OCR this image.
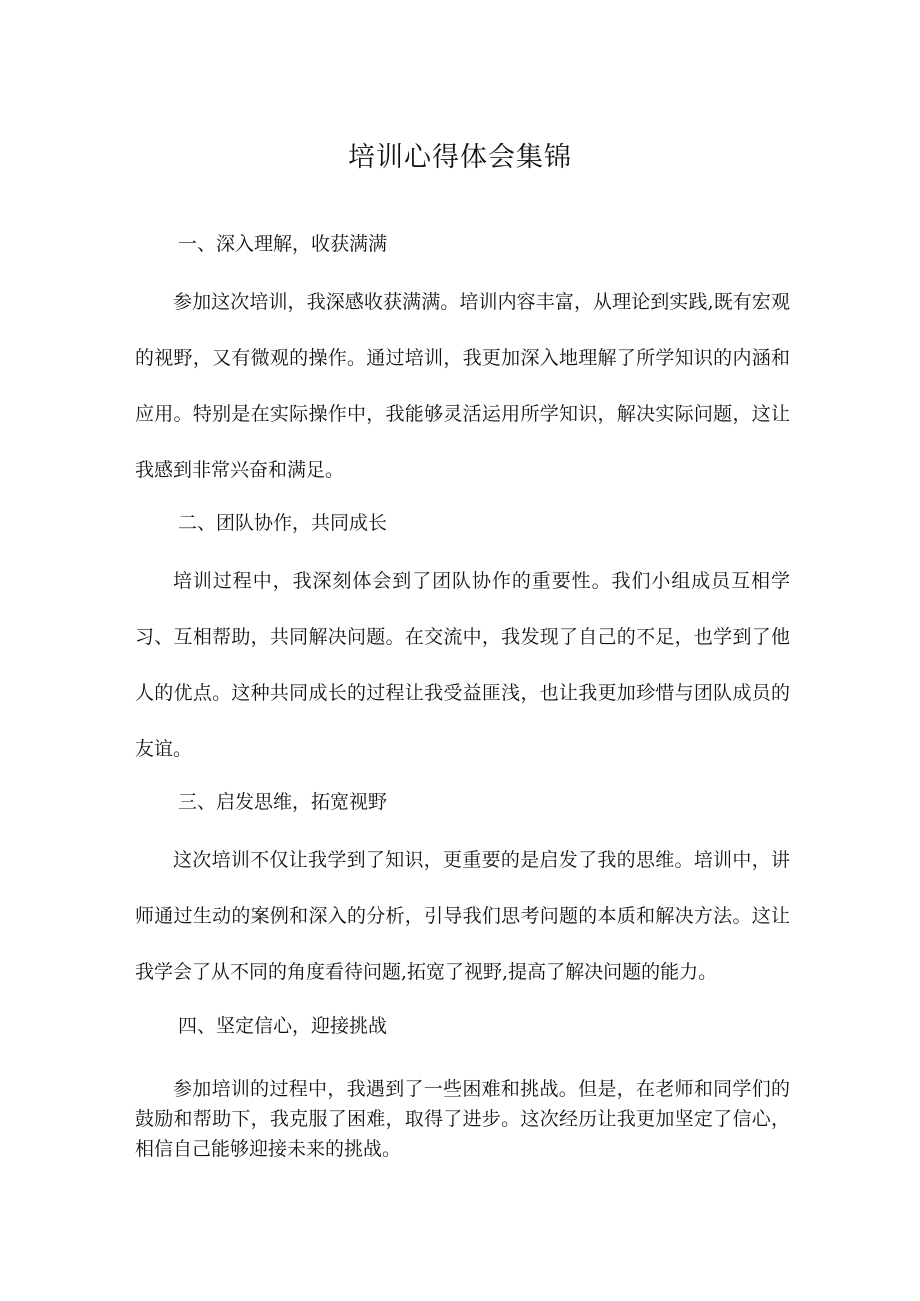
培训心得体会集锦
一、深入理解，收获满满

参加这次培训，我深感收获满满。培训内容丰富，从理论到实践,既有宏观的视野，又有微观的操作。通过培训，我更加深入地理解了所学知识的内涵和应用。特别是在实际操作中，我能够灵活运用所学知识，解决实际问题，这让我感到非常兴奋和满足。

二、团队协作，共同成长

培训过程中，我深刻体会到了团队协作的重要性。我们小组成员互相学习、互相帮助，共同解决问题。在交流中，我发现了自己的不足，也学到了他人的优点。这种共同成长的过程让我受益匪浅，也让我更加珍惜与团队成员的友谊。

三、启发思维，拓宽视野

这次培训不仅让我学到了知识，更重要的是启发了我的思维。培训中，讲师通过生动的案例和深入的分析，引导我们思考问题的本质和解决方法。这让我学会了从不同的角度看待问题,拓宽了视野,提高了解决问题的能力。

四、坚定信心，迎接挑战

参加培训的过程中，我遇到了一些困难和挑战。但是，在老师和同学们的鼓励和帮助下，我克服了困难，取得了进步。这次经历让我更加坚定了信心，相信自己能够迎接未来的挑战。
